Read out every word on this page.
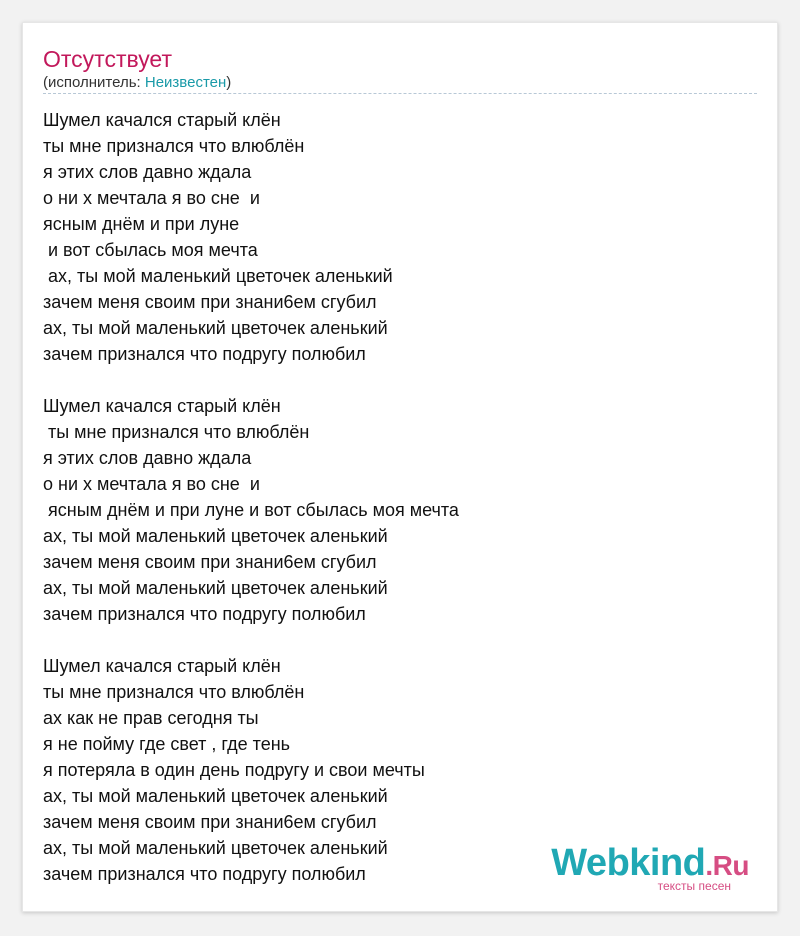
Отсутствует
(исполнитель: Неизвестен)
Шумел качался старый клён
ты мне признался что влюблён
я этих слов давно ждала
о ни х мечтала я во сне  и
ясным днём и при луне
и вот сбылась моя мечта
ах, ты мой маленький цветочек аленький
зачем меня своим при знани6ем сгубил
ах, ты мой маленький цветочек аленький
зачем признался что подругу полюбил
Шумел качался старый клён
ты мне признался что влюблён
я этих слов давно ждала
о ни х мечтала я во сне  и
ясным днём и при луне и вот сбылась моя мечта
ах, ты мой маленький цветочек аленький
зачем меня своим при знани6ем сгубил
ах, ты мой маленький цветочек аленький
зачем признался что подругу полюбил
Шумел качался старый клён
ты мне признался что влюблён
ах как не прав сегодня ты
я не пойму где свет , где тень
я потеряла в один день подругу и свои мечты
ах, ты мой маленький цветочек аленький
зачем меня своим при знани6ем сгубил
ах, ты мой маленький цветочек аленький
зачем признался что подругу полюбил	Webkind.Ru
тексты песен
